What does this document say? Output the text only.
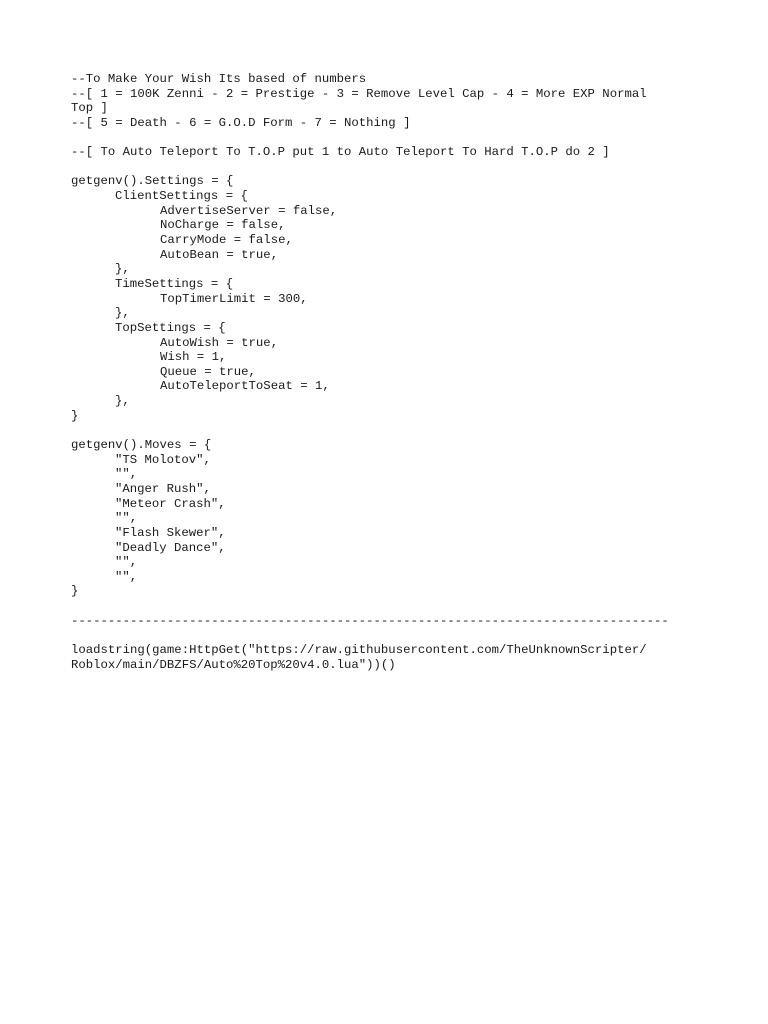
--To Make Your Wish Its based of numbers
--[ 1 = 100K Zenni - 2 = Prestige - 3 = Remove Level Cap - 4 = More EXP Normal
Top ]
--[ 5 = Death - 6 = G.O.D Form - 7 = Nothing ]
--[ To Auto Teleport To T.O.P put 1 to Auto Teleport To Hard T.O.P do 2 ]
getgenv().Settings = {
ClientSettings = {
AdvertiseServer = false,
NoCharge = false,
CarryMode = false,
AutoBean = true,
},
TimeSettings = {
TopTimerLimit = 300,
},
TopSettings = {
AutoWish = true,
Wish = 1,
Queue = true,
AutoTeleportToSeat = 1,
},
}
getgenv().Moves = {
"TS Molotov",
"",
"Anger Rush",
"Meteor Crash",
"",
"Flash Skewer",
"Deadly Dance",
"",
"",
}
---------------------------------------------------------------------------------
loadstring(game:HttpGet("https://raw.githubusercontent.com/TheUnknownScripter/
Roblox/main/DBZFS/Auto%20Top%20v4.0.lua"))()
